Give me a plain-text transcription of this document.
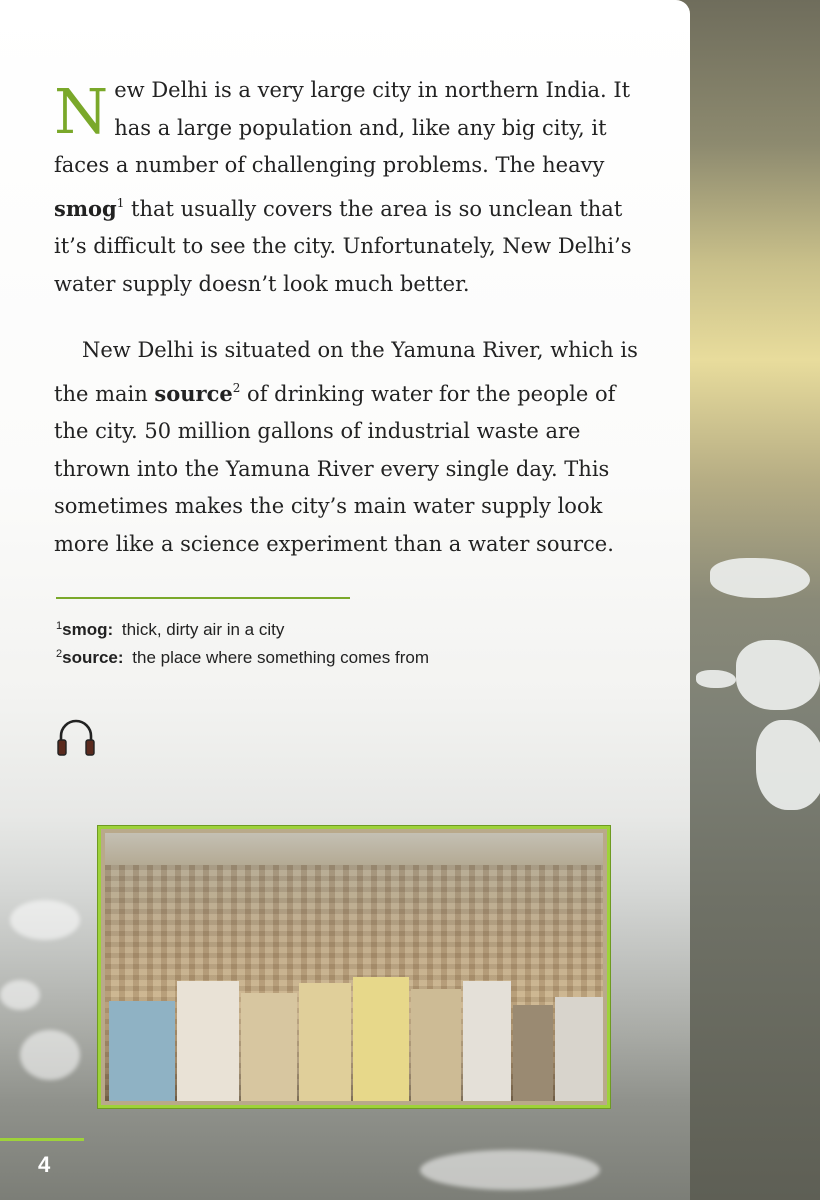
New Delhi is a very large city in northern India. It has a large population and, like any big city, it faces a number of challenging problems. The heavy smog$^1$ that usually covers the area is so unclean that it’s difficult to see the city. Unfortunately, New Delhi’s water supply doesn’t look much better.

New Delhi is situated on the Yamuna River, which is the main source$^2$ of drinking water for the people of the city. 50 million gallons of industrial waste are thrown into the Yamuna River every single day. This sometimes makes the city’s main water supply look more like a science experiment than a water source.

$^1$smog: thick, dirty air in a city
$^2$source: the place where something comes from
4
